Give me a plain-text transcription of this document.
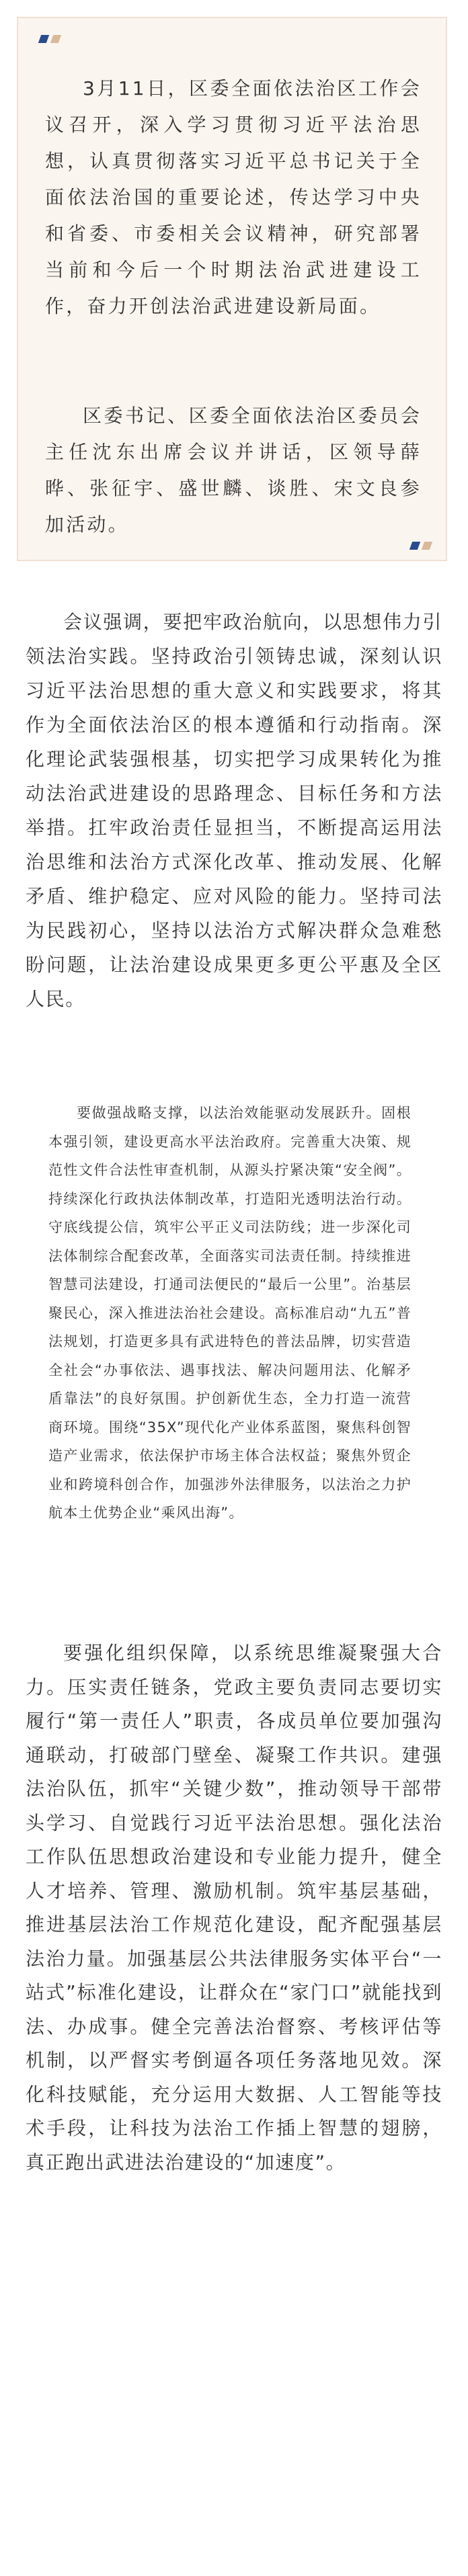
3月11日，区委全面依法治区工作会议召开，深入学习贯彻习近平法治思想，认真贯彻落实习近平总书记关于全面依法治国的重要论述，传达学习中央和省委、市委相关会议精神，研究部署当前和今后一个时期法治武进建设工作，奋力开创法治武进建设新局面。

区委书记、区委全面依法治区委员会主任沈东出席会议并讲话，区领导薛晔、张征宇、盛世麟、谈胜、宋文良参加活动。

会议强调，要把牢政治航向，以思想伟力引领法治实践。坚持政治引领铸忠诚，深刻认识习近平法治思想的重大意义和实践要求，将其作为全面依法治区的根本遵循和行动指南。深化理论武装强根基，切实把学习成果转化为推动法治武进建设的思路理念、目标任务和方法举措。扛牢政治责任显担当，不断提高运用法治思维和法治方式深化改革、推动发展、化解矛盾、维护稳定、应对风险的能力。坚持司法为民践初心，坚持以法治方式解决群众急难愁盼问题，让法治建设成果更多更公平惠及全区人民。

要做强战略支撑，以法治效能驱动发展跃升。固根本强引领，建设更高水平法治政府。完善重大决策、规范性文件合法性审查机制，从源头拧紧决策“安全阀”。持续深化行政执法体制改革，打造阳光透明法治行动。守底线提公信，筑牢公平正义司法防线；进一步深化司法体制综合配套改革，全面落实司法责任制。持续推进智慧司法建设，打通司法便民的“最后一公里”。治基层聚民心，深入推进法治社会建设。高标准启动“九五”普法规划，打造更多具有武进特色的普法品牌，切实营造全社会“办事依法、遇事找法、解决问题用法、化解矛盾靠法”的良好氛围。护创新优生态，全力打造一流营商环境。围绕“35X”现代化产业体系蓝图，聚焦科创智造产业需求，依法保护市场主体合法权益；聚焦外贸企业和跨境科创合作，加强涉外法律服务，以法治之力护航本土优势企业“乘风出海”。

要强化组织保障，以系统思维凝聚强大合力。压实责任链条，党政主要负责同志要切实履行“第一责任人”职责，各成员单位要加强沟通联动，打破部门壁垒、凝聚工作共识。建强法治队伍，抓牢“关键少数”，推动领导干部带头学习、自觉践行习近平法治思想。强化法治工作队伍思想政治建设和专业能力提升，健全人才培养、管理、激励机制。筑牢基层基础，推进基层法治工作规范化建设，配齐配强基层法治力量。加强基层公共法律服务实体平台“一站式”标准化建设，让群众在“家门口”就能找到法、办成事。健全完善法治督察、考核评估等机制，以严督实考倒逼各项任务落地见效。深化科技赋能，充分运用大数据、人工智能等技术手段，让科技为法治工作插上智慧的翅膀，真正跑出武进法治建设的“加速度”。
